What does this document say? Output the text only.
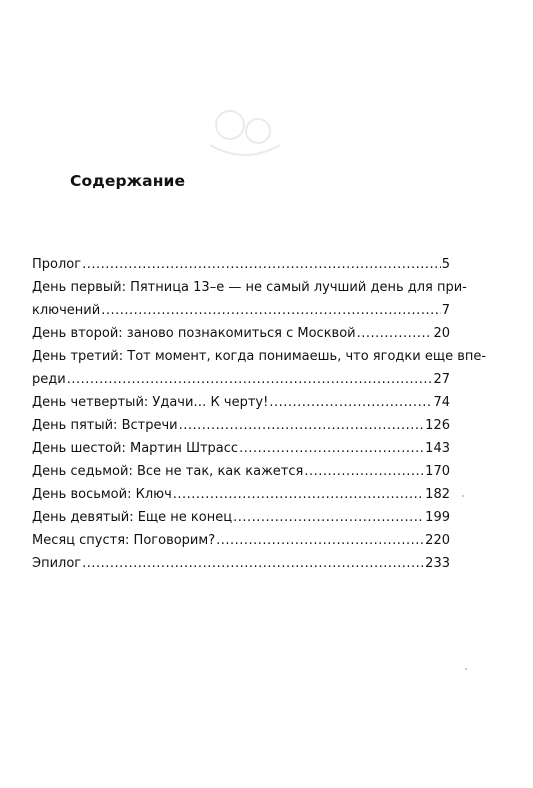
Содержание
Пролог .....	5
День первый: Пятница 13–е — не самый лучший день для при-
ключений .....	7
День второй: заново познакомиться с Москвой .....	20
День третий: Тот момент, когда понимаешь, что ягодки еще впе-
реди .....	27
День четвертый: Удачи… К черту! .....	74
День пятый: Встречи .....	126
День шестой: Мартин Штрасс .....	143
День седьмой: Все не так, как кажется .....	170
День восьмой: Ключ .....	182
День девятый: Еще не конец .....	199
Месяц спустя: Поговорим? .....	220
Эпилог .....	233
